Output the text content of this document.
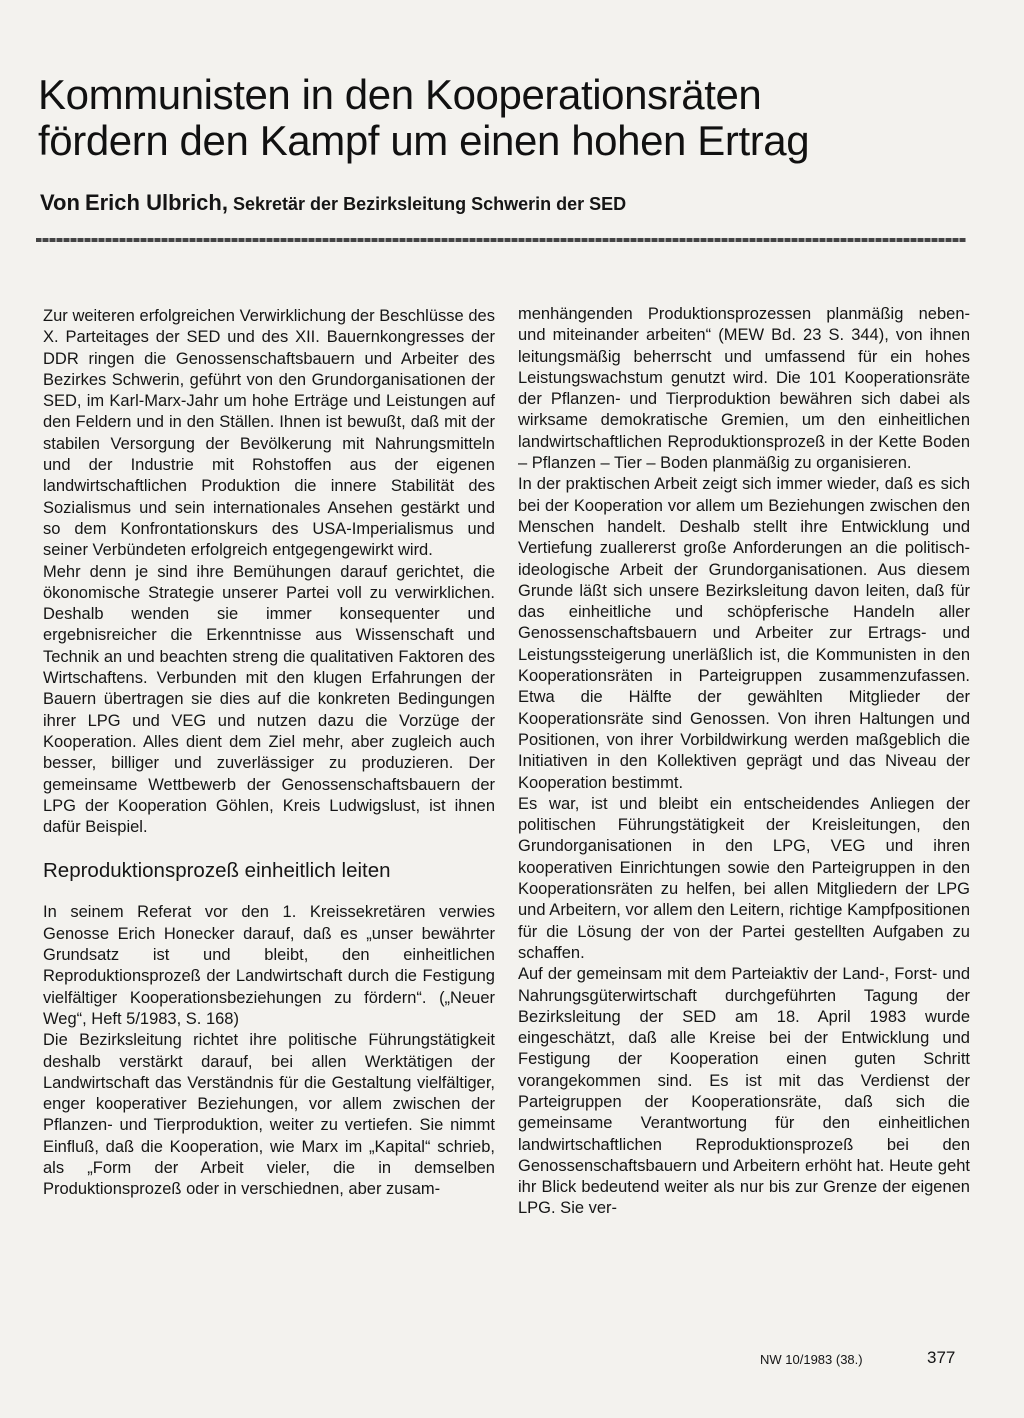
Kommunisten in den Kooperationsräten
fördern den Kampf um einen hohen Ertrag

Von Erich Ulbrich, Sekretär der Bezirksleitung Schwerin der SED

Zur weiteren erfolgreichen Verwirklichung der Beschlüsse des X. Parteitages der SED und des XII. Bauernkongresses der DDR ringen die Genossenschaftsbauern und Arbeiter des Bezirkes Schwerin, geführt von den Grundorganisationen der SED, im Karl-Marx-Jahr um hohe Erträge und Leistungen auf den Feldern und in den Ställen. Ihnen ist bewußt, daß mit der stabilen Versorgung der Bevölkerung mit Nahrungsmitteln und der Industrie mit Rohstoffen aus der eigenen landwirtschaftlichen Produktion die innere Stabilität des Sozialismus und sein internationales Ansehen gestärkt und so dem Konfrontationskurs des USA-Imperialismus und seiner Verbündeten erfolgreich entgegengewirkt wird.

Mehr denn je sind ihre Bemühungen darauf gerichtet, die ökonomische Strategie unserer Partei voll zu verwirklichen. Deshalb wenden sie immer konsequenter und ergebnisreicher die Erkenntnisse aus Wissenschaft und Technik an und beachten streng die qualitativen Faktoren des Wirtschaftens. Verbunden mit den klugen Erfahrungen der Bauern übertragen sie dies auf die konkreten Bedingungen ihrer LPG und VEG und nutzen dazu die Vorzüge der Kooperation. Alles dient dem Ziel mehr, aber zugleich auch besser, billiger und zuverlässiger zu produzieren. Der gemeinsame Wettbewerb der Genossenschaftsbauern der LPG der Kooperation Göhlen, Kreis Ludwigslust, ist ihnen dafür Beispiel.

Reproduktionsprozeß einheitlich leiten

In seinem Referat vor den 1. Kreissekretären verwies Genosse Erich Honecker darauf, daß es „unser bewährter Grundsatz ist und bleibt, den einheitlichen Reproduktionsprozeß der Landwirtschaft durch die Festigung vielfältiger Kooperationsbeziehungen zu fördern“. („Neuer Weg“, Heft 5/1983, S. 168)

Die Bezirksleitung richtet ihre politische Führungstätigkeit deshalb verstärkt darauf, bei allen Werktätigen der Landwirtschaft das Verständnis für die Gestaltung vielfältiger, enger kooperativer Beziehungen, vor allem zwischen der Pflanzen- und Tierproduktion, weiter zu vertiefen. Sie nimmt Einfluß, daß die Kooperation, wie Marx im „Kapital“ schrieb, als „Form der Arbeit vieler, die in demselben Produktionsprozeß oder in verschiednen, aber zusam-

menhängenden Produktionsprozessen planmäßig neben- und miteinander arbeiten“ (MEW Bd. 23 S. 344), von ihnen leitungsmäßig beherrscht und umfassend für ein hohes Leistungswachstum genutzt wird. Die 101 Kooperationsräte der Pflanzen- und Tierproduktion bewähren sich dabei als wirksame demokratische Gremien, um den einheitlichen landwirtschaftlichen Reproduktionsprozeß in der Kette Boden – Pflanzen – Tier – Boden planmäßig zu organisieren.

In der praktischen Arbeit zeigt sich immer wieder, daß es sich bei der Kooperation vor allem um Beziehungen zwischen den Menschen handelt. Deshalb stellt ihre Entwicklung und Vertiefung zuallererst große Anforderungen an die politisch-ideologische Arbeit der Grundorganisationen. Aus diesem Grunde läßt sich unsere Bezirksleitung davon leiten, daß für das einheitliche und schöpferische Handeln aller Genossenschaftsbauern und Arbeiter zur Ertrags- und Leistungssteigerung unerläßlich ist, die Kommunisten in den Kooperationsräten in Parteigruppen zusammenzufassen. Etwa die Hälfte der gewählten Mitglieder der Kooperationsräte sind Genossen. Von ihren Haltungen und Positionen, von ihrer Vorbildwirkung werden maßgeblich die Initiativen in den Kollektiven geprägt und das Niveau der Kooperation bestimmt.

Es war, ist und bleibt ein entscheidendes Anliegen der politischen Führungstätigkeit der Kreisleitungen, den Grundorganisationen in den LPG, VEG und ihren kooperativen Einrichtungen sowie den Parteigruppen in den Kooperationsräten zu helfen, bei allen Mitgliedern der LPG und Arbeitern, vor allem den Leitern, richtige Kampfpositionen für die Lösung der von der Partei gestellten Aufgaben zu schaffen.

Auf der gemeinsam mit dem Parteiaktiv der Land-, Forst- und Nahrungsgüterwirtschaft durchgeführten Tagung der Bezirksleitung der SED am 18. April 1983 wurde eingeschätzt, daß alle Kreise bei der Entwicklung und Festigung der Kooperation einen guten Schritt vorangekommen sind. Es ist mit das Verdienst der Parteigruppen der Kooperationsräte, daß sich die gemeinsame Verantwortung für den einheitlichen landwirtschaftlichen Reproduktionsprozeß bei den Genossenschaftsbauern und Arbeitern erhöht hat. Heute geht ihr Blick bedeutend weiter als nur bis zur Grenze der eigenen LPG. Sie ver-

NW 10/1983 (38.)	377
